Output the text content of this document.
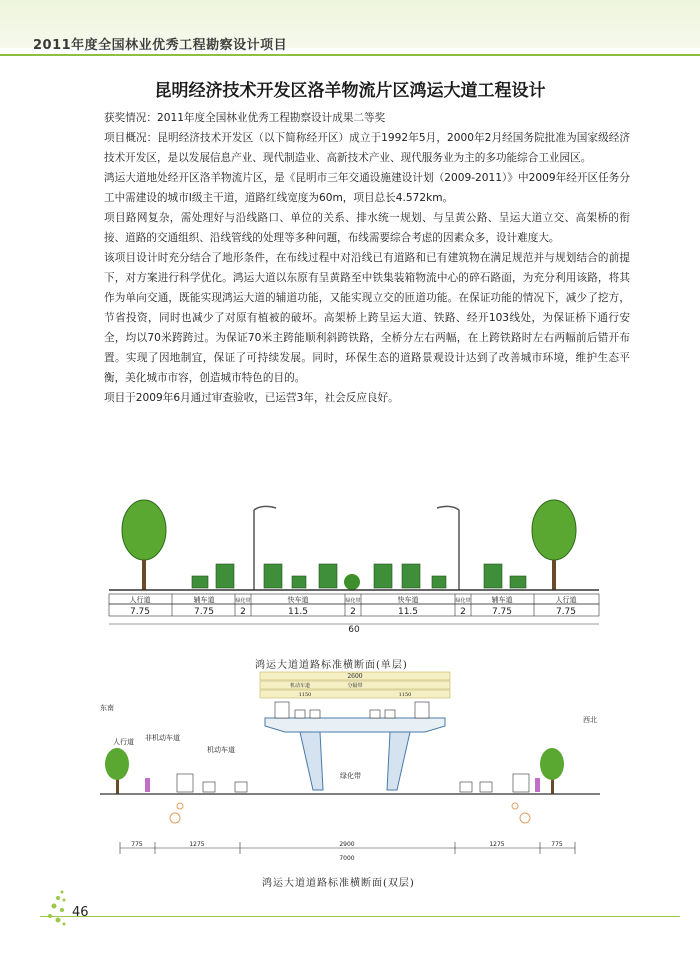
2011年度全国林业优秀工程勘察设计项目
昆明经济技术开发区洛羊物流片区鸿运大道工程设计

获奖情况：2011年度全国林业优秀工程勘察设计成果二等奖

项目概况：昆明经济技术开发区（以下简称经开区）成立于1992年5月，2000年2月经国务院批准为国家级经济技术开发区，是以发展信息产业、现代制造业、高新技术产业、现代服务业为主的多功能综合工业园区。

鸿运大道地处经开区洛羊物流片区，是《昆明市三年交通设施建设计划（2009-2011）》中2009年经开区任务分工中需建设的城市Ⅰ级主干道，道路红线宽度为60m，项目总长4.572km。

项目路网复杂，需处理好与沿线路口、单位的关系、排水统一规划、与呈黄公路、呈运大道立交、高架桥的衔接、道路的交通组织、沿线管线的处理等多种问题，布线需要综合考虑的因素众多，设计难度大。

该项目设计时充分结合了地形条件，在布线过程中对沿线已有道路和已有建筑物在满足规范并与规划结合的前提下，对方案进行科学优化。鸿运大道以东原有呈黄路至中铁集装箱物流中心的碎石路面，为充分利用该路，将其作为单向交通，既能实现鸿运大道的辅道功能，又能实现立交的匝道功能。在保证功能的情况下，减少了挖方，节省投资，同时也减少了对原有植被的破坏。高架桥上跨呈运大道、铁路、经开103线处，为保证桥下通行安全，均以70米跨跨过。为保证70米主跨能顺利斜跨铁路，全桥分左右两幅，在上跨铁路时左右两幅前后错开布置。实现了因地制宜，保证了可持续发展。同时，环保生态的道路景观设计达到了改善城市环境，维护生态平衡，美化城市市容，创造城市特色的目的。

项目于2009年6月通过审查验收，已运营3年，社会反应良好。

人行道	辅车道	绿化带	快车道	绿化带	快车道	绿化带	辅车道	人行道
7.75	7.75	2	11.5	2	11.5	2	7.75	7.75
60
鸿运大道道路标准横断面(单层)
2600
机动车道	分隔带
1150	1150
东南
西北
人行道 非机动车道
机动车道
绿化带
775	1275	2900	1275	775
7000
鸿运大道道路标准横断面(双层)
46
